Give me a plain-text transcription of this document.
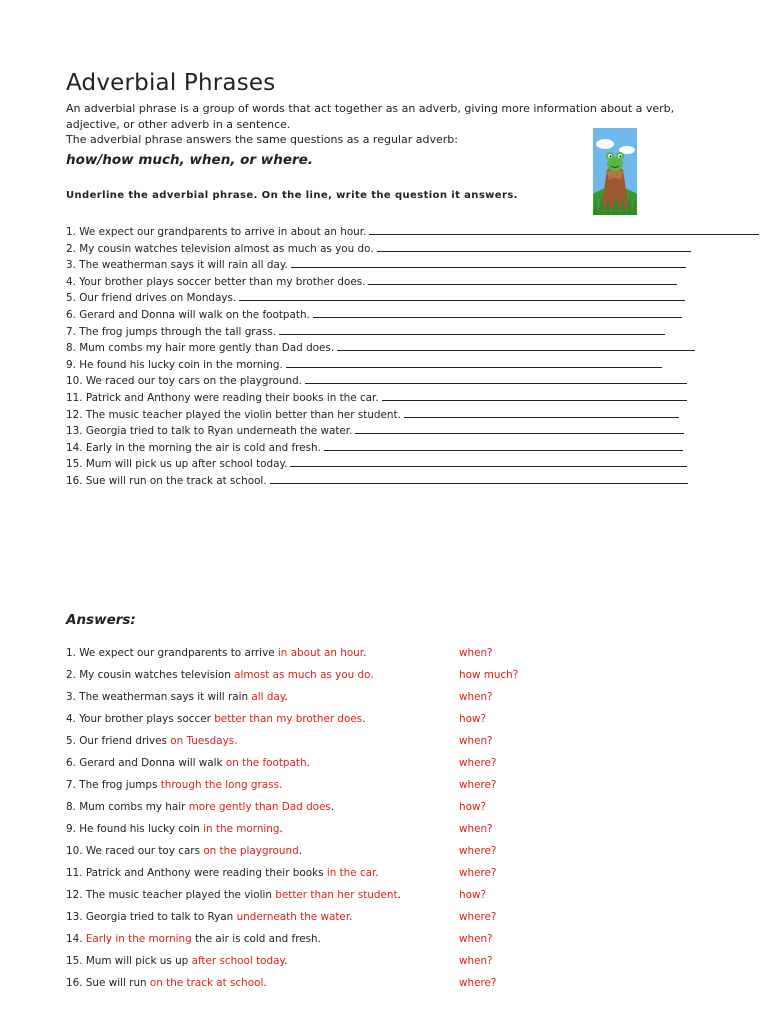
Adverbial Phrases

An adverbial phrase is a group of words that act together as an adverb, giving more information about a verb, adjective, or other adverb in a sentence.

The adverbial phrase answers the same questions as a regular adverb:

how/how much, when, or where.

Underline the adverbial phrase. On the line, write the question it answers.

1. We expect our grandparents to arrive in about an hour.
2. My cousin watches television almost as much as you do.
3. The weatherman says it will rain all day.
4. Your brother plays soccer better than my brother does.
5. Our friend drives on Mondays.
6. Gerard and Donna will walk on the footpath.
7. The frog jumps through the tall grass.
8. Mum combs my hair more gently than Dad does.
9. He found his lucky coin in the morning.
10. We raced our toy cars on the playground.
11. Patrick and Anthony were reading their books in the car.
12. The music teacher played the violin better than her student.
13. Georgia tried to talk to Ryan underneath the water.
14. Early in the morning the air is cold and fresh.
15. Mum will pick us up after school today.
16. Sue will run on the track at school.
Answers:
1. We expect our grandparents to arrive in about an hour.	when?
2. My cousin watches television almost as much as you do.	how much?
3. The weatherman says it will rain all day.	when?
4. Your brother plays soccer better than my brother does.	how?
5. Our friend drives on Tuesdays.	when?
6. Gerard and Donna will walk on the footpath.	where?
7. The frog jumps through the long grass.	where?
8. Mum combs my hair more gently than Dad does.	how?
9. He found his lucky coin in the morning.	when?
10. We raced our toy cars on the playground.	where?
11. Patrick and Anthony were reading their books in the car.	where?
12. The music teacher played the violin better than her student.	how?
13. Georgia tried to talk to Ryan underneath the water.	where?
14. Early in the morning the air is cold and fresh.	when?
15. Mum will pick us up after school today.	when?
16. Sue will run on the track at school.	where?
